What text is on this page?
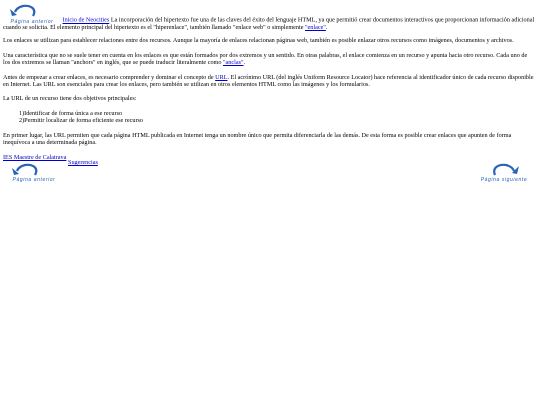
Página anterior	Inicio de Neocities La incorporación del hipertexto fue una de las claves del éxito del lenguaje HTML, ya que permitió crear documentos interactivos que proporcionan información adicional cuando se solicita. El elemento principal del hipertexto es el "hiperenlace", también llamado "enlace web" o simplemente "enlace".

Los enlaces se utilizan para establecer relaciones entre dos recursos. Aunque la mayoría de enlaces relacionan páginas web, también es posible enlazar otros recursos como imágenes, documentos y archivos.

Una característica que no se suele tener en cuenta en los enlaces es que están formados por dos extremos y un sentido. En otras palabras, el enlace comienza en un recurso y apunta hacia otro recurso. Cada uno de los dos extremos se llaman "anchors" en inglés, que se puede traducir literalmente como "anclas".

Antes de empezar a crear enlaces, es necesario comprender y dominar el concepto de URL. El acrónimo URL (del inglés Uniform Resource Locator) hace referencia al identificador único de cada recurso disponible en Internet. Las URL son esenciales para crear los enlaces, pero también se utilizan en otros elementos HTML como las imágenes y los formularios.

La URL de un recurso tiene dos objetivos principales:

1)Identificar de forma única a ese recurso
2)Permitir localizar de forma eficiente ese recurso

En primer lugar, las URL permiten que cada página HTML publicada en Internet tenga un nombre único que permita diferenciarla de las demás. De esta forma es posible crear enlaces que apunten de forma inequívoca a una determinada página.

IES Maestre de Calatrava
Página anterior
Sugerencias
Página siguiente
